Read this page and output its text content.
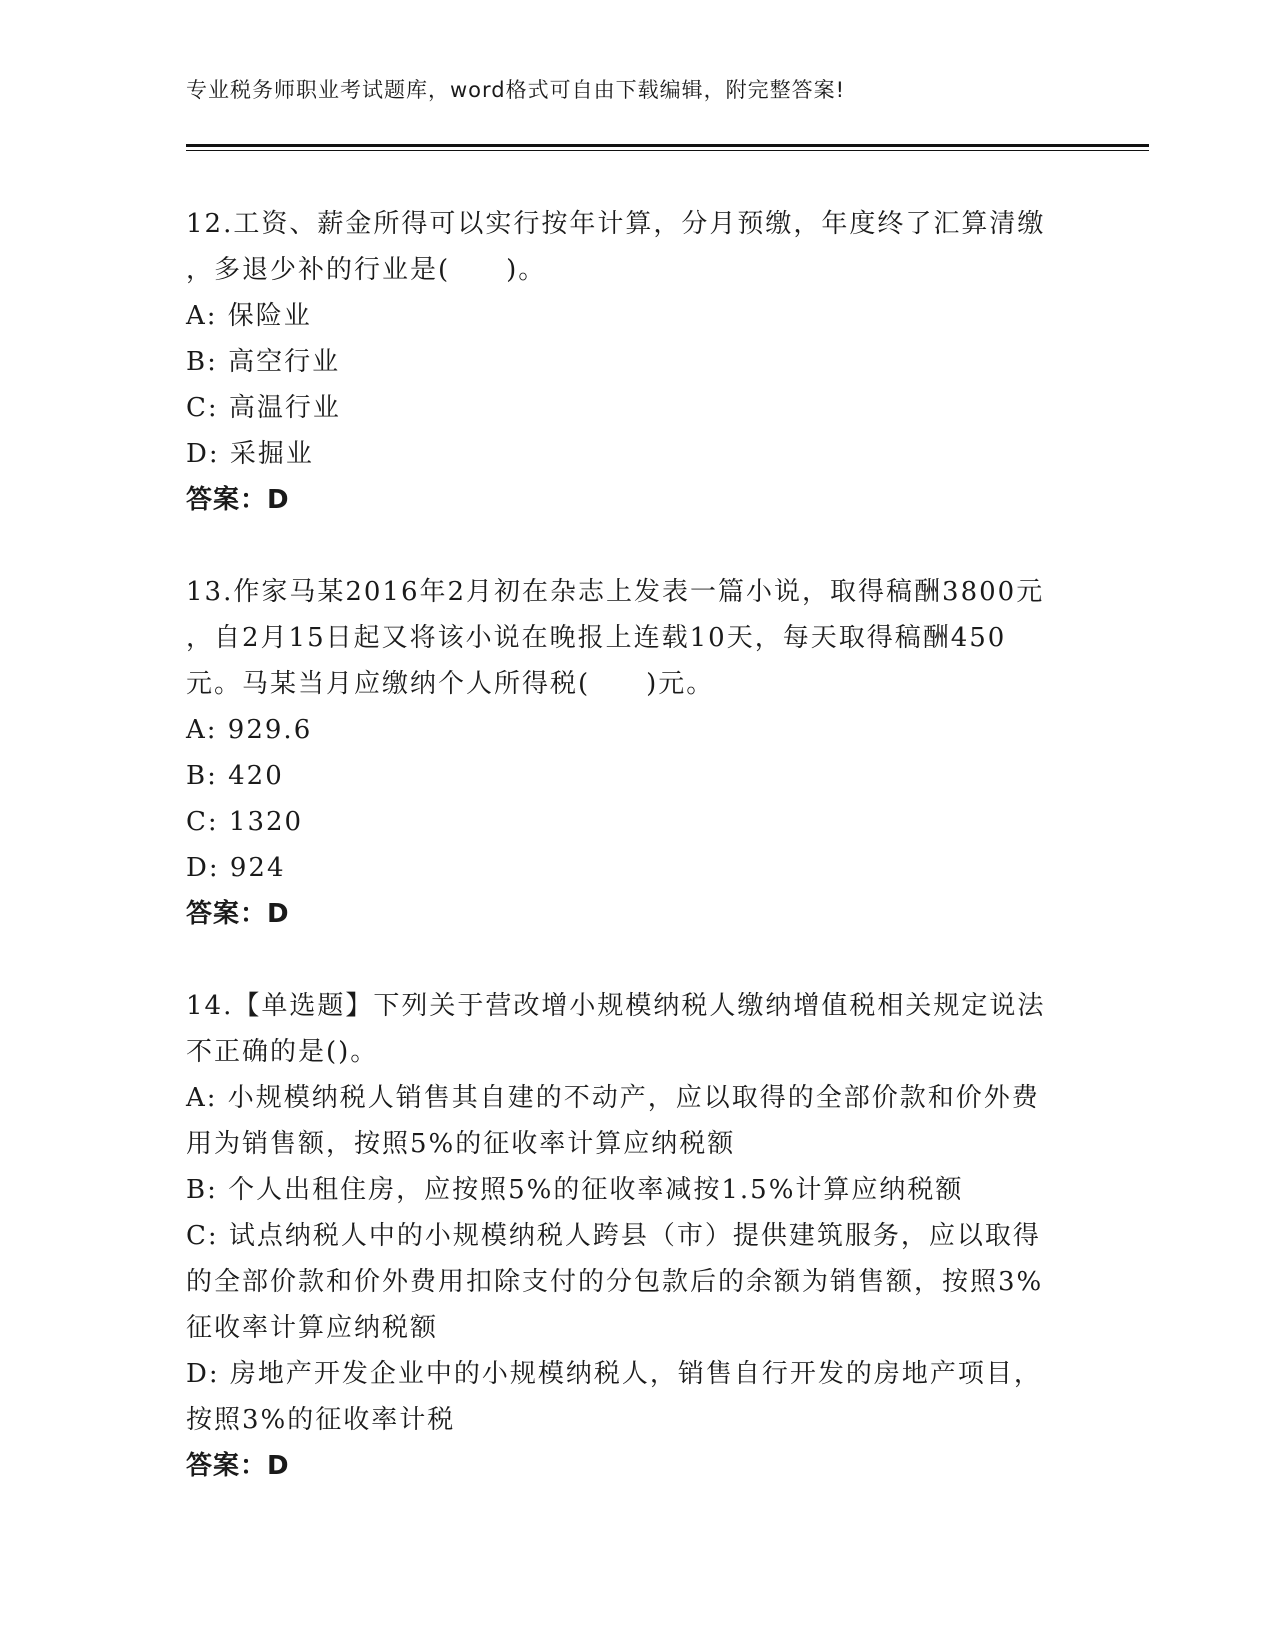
专业税务师职业考试题库，word格式可自由下载编辑，附完整答案!

12.工资、薪金所得可以实行按年计算，分月预缴，年度终了汇算清缴

，多退少补的行业是(　　)。

A: 保险业

B: 高空行业

C: 高温行业

D: 采掘业

答案：D

13.作家马某2016年2月初在杂志上发表一篇小说，取得稿酬3800元

，自2月15日起又将该小说在晚报上连载10天，每天取得稿酬450

元。马某当月应缴纳个人所得税(　　)元。

A: 929.6

B: 420

C: 1320

D: 924

答案：D

14.【单选题】下列关于营改增小规模纳税人缴纳增值税相关规定说法

不正确的是()。

A: 小规模纳税人销售其自建的不动产，应以取得的全部价款和价外费

用为销售额，按照5%的征收率计算应纳税额

B: 个人出租住房，应按照5%的征收率减按1.5%计算应纳税额

C: 试点纳税人中的小规模纳税人跨县（市）提供建筑服务，应以取得

的全部价款和价外费用扣除支付的分包款后的余额为销售额，按照3%

征收率计算应纳税额

D: 房地产开发企业中的小规模纳税人，销售自行开发的房地产项目，

按照3%的征收率计税

答案：D
